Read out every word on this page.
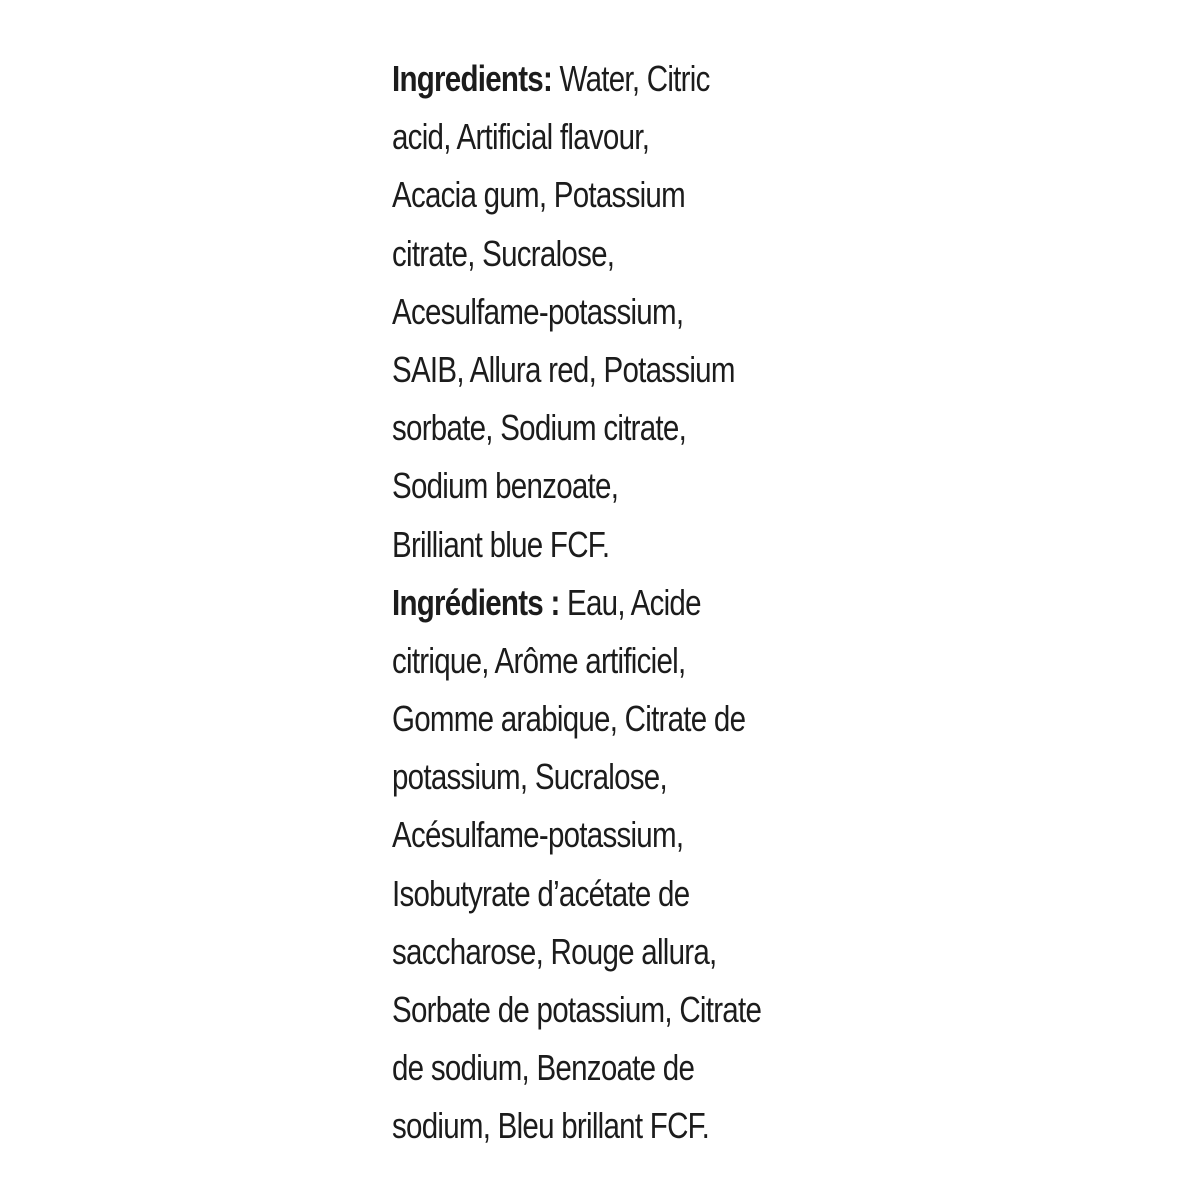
Ingredients: Water, Citric
acid, Artificial flavour,
Acacia gum, Potassium
citrate, Sucralose,
Acesulfame-potassium,
SAIB, Allura red, Potassium
sorbate, Sodium citrate,
Sodium benzoate,
Brilliant blue FCF.
Ingrédients : Eau, Acide
citrique, Arôme artificiel,
Gomme arabique, Citrate de
potassium, Sucralose,
Acésulfame-potassium,
Isobutyrate d’acétate de
saccharose, Rouge allura,
Sorbate de potassium, Citrate
de sodium, Benzoate de
sodium, Bleu brillant FCF.
